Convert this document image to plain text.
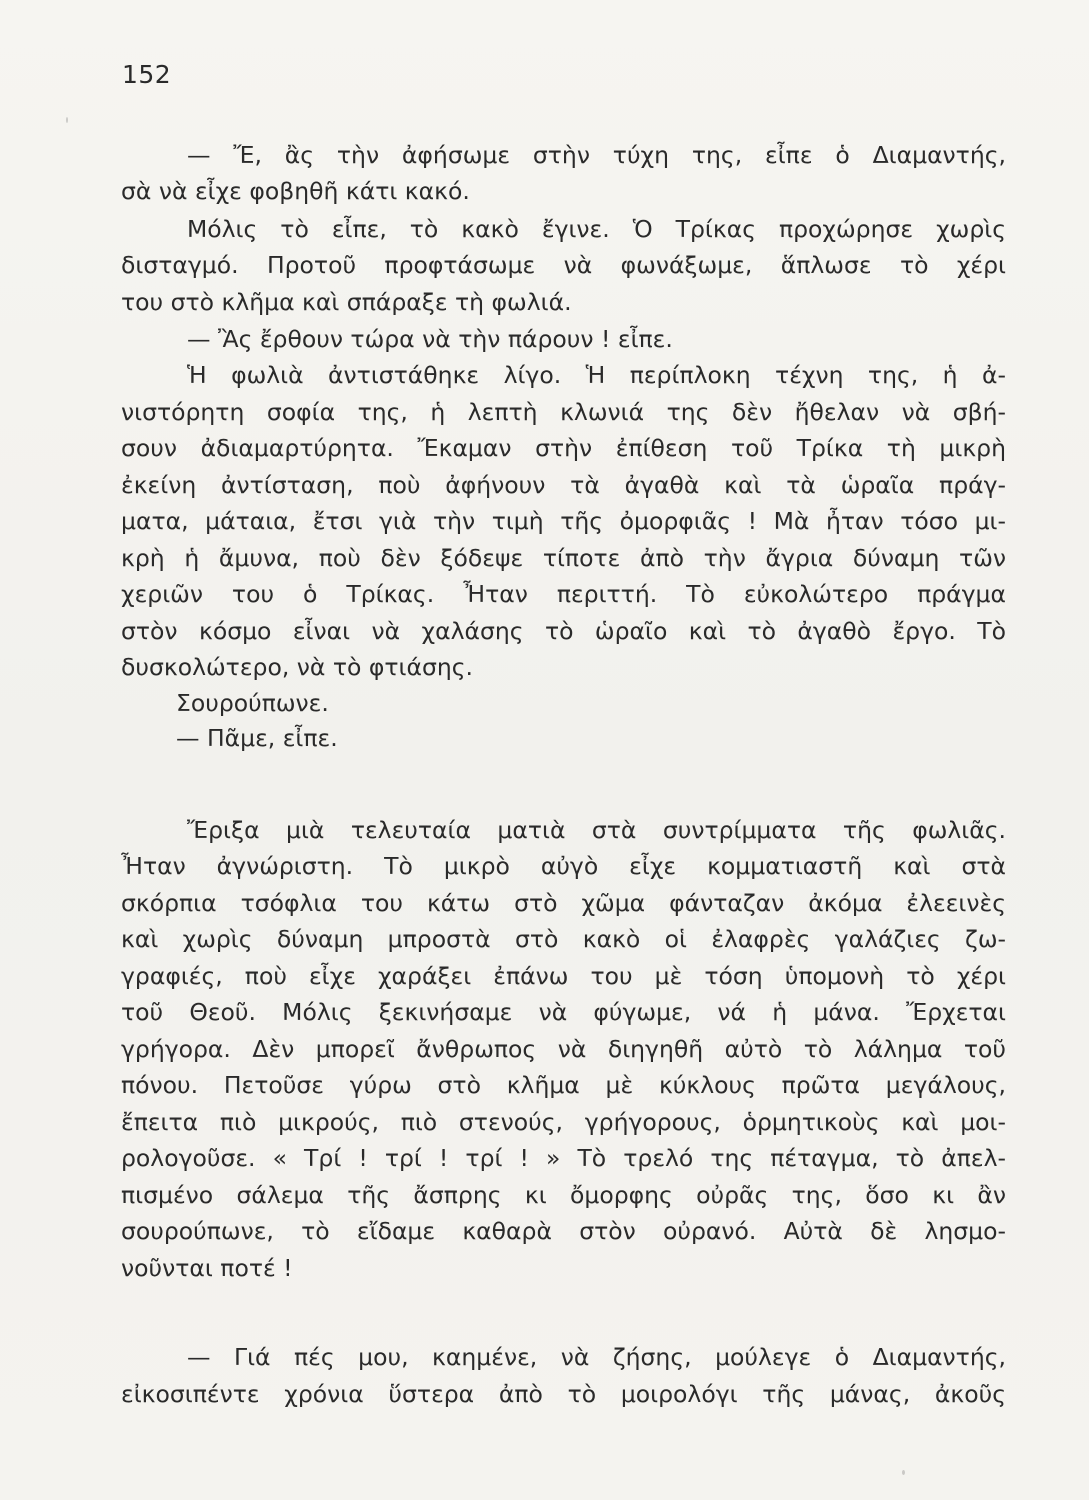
152
— Ἔ, ἂς τὴν ἀφήσωμε στὴν τύχη της, εἶπε ὁ Διαμαντής,
σὰ νὰ εἶχε φοβηθῆ κάτι κακό.
Μόλις τὸ εἶπε, τὸ κακὸ ἔγινε. Ὁ Τρίκας προχώρησε χωρὶς
δισταγμό. Προτοῦ προφτάσωμε νὰ φωνάξωμε, ἅπλωσε τὸ χέρι
του στὸ κλῆμα καὶ σπάραξε τὴ φωλιά.
— Ἂς ἔρθουν τώρα νὰ τὴν πάρουν ! εἶπε.
Ἡ φωλιὰ ἀντιστάθηκε λίγο. Ἡ περίπλοκη τέχνη της, ἡ ἀ-
νιστόρητη σοφία της, ἡ λεπτὴ κλωνιά της δὲν ἤθελαν νὰ σβή-
σουν ἀδιαμαρτύρητα. Ἔκαμαν στὴν ἐπίθεση τοῦ Τρίκα τὴ μικρὴ
ἐκείνη ἀντίσταση, ποὺ ἀφήνουν τὰ ἀγαθὰ καὶ τὰ ὡραῖα πράγ-
ματα, μάταια, ἔτσι γιὰ τὴν τιμὴ τῆς ὀμορφιᾶς ! Μὰ ἦταν τόσο μι-
κρὴ ἡ ἄμυνα, ποὺ δὲν ξόδεψε τίποτε ἀπὸ τὴν ἄγρια δύναμη τῶν
χεριῶν του ὁ Τρίκας. Ἦταν περιττή. Τὸ εὐκολώτερο πράγμα
στὸν κόσμο εἶναι νὰ χαλάσης τὸ ὡραῖο καὶ τὸ ἀγαθὸ ἔργο. Τὸ
δυσκολώτερο, νὰ τὸ φτιάσης.
Σουρούπωνε.
— Πᾶμε, εἶπε.
Ἔριξα μιὰ τελευταία ματιὰ στὰ συντρίμματα τῆς φωλιᾶς.
Ἦταν ἀγνώριστη. Τὸ μικρὸ αὐγὸ εἶχε κομματιαστῆ καὶ στὰ
σκόρπια τσόφλια του κάτω στὸ χῶμα φάνταζαν ἀκόμα ἐλεεινὲς
καὶ χωρὶς δύναμη μπροστὰ στὸ κακὸ οἱ ἐλαφρὲς γαλάζιες ζω-
γραφιές, ποὺ εἶχε χαράξει ἐπάνω του μὲ τόση ὑπομονὴ τὸ χέρι
τοῦ Θεοῦ. Μόλις ξεκινήσαμε νὰ φύγωμε, νά ἡ μάνα. Ἔρχεται
γρήγορα. Δὲν μπορεῖ ἄνθρωπος νὰ διηγηθῆ αὐτὸ τὸ λάλημα τοῦ
πόνου. Πετοῦσε γύρω στὸ κλῆμα μὲ κύκλους πρῶτα μεγάλους,
ἔπειτα πιὸ μικρούς, πιὸ στενούς, γρήγορους, ὁρμητικοὺς καὶ μοι-
ρολογοῦσε. « Τρί ! τρί ! τρί ! » Τὸ τρελό της πέταγμα, τὸ ἀπελ-
πισμένο σάλεμα τῆς ἄσπρης κι ὄμορφης οὐρᾶς της, ὅσο κι ἂν
σουρούπωνε, τὸ εἴδαμε καθαρὰ στὸν οὐρανό. Αὐτὰ δὲ λησμο-
νοῦνται ποτέ !
— Γιά πές μου, καημένε, νὰ ζήσης, μούλεγε ὁ Διαμαντής,
εἰκοσιπέντε χρόνια ὕστερα ἀπὸ τὸ μοιρολόγι τῆς μάνας, ἀκοῦς
